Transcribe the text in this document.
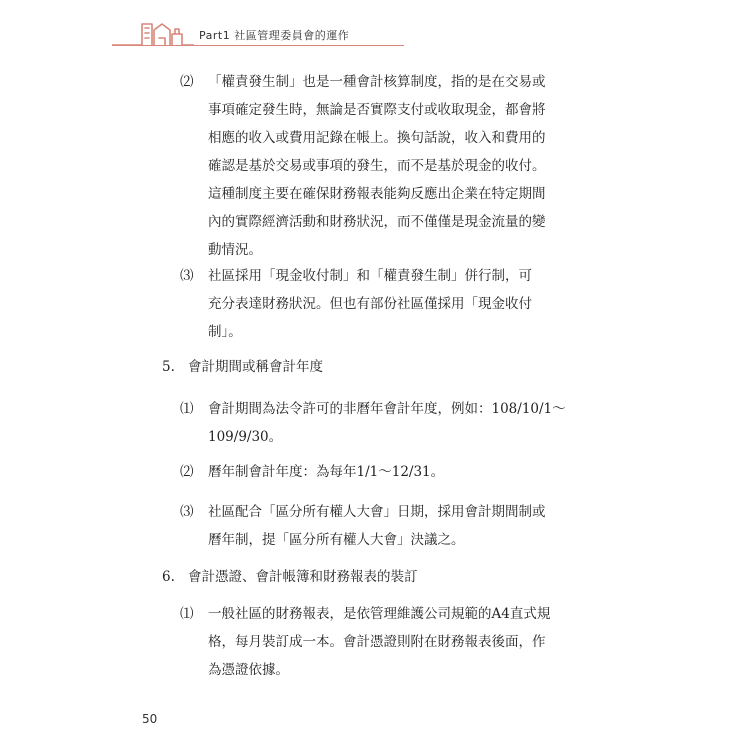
Part1 社區管理委員會的運作
⑵ 「權責發生制」也是一種會計核算制度，指的是在交易或
事項確定發生時，無論是否實際支付或收取現金，都會將
相應的收入或費用記錄在帳上。換句話說，收入和費用的
確認是基於交易或事項的發生，而不是基於現金的收付。
這種制度主要在確保財務報表能夠反應出企業在特定期間
內的實際經濟活動和財務狀況，而不僅僅是現金流量的變
動情況。
⑶ 社區採用「現金收付制」和「權責發生制」併行制，可
充分表達財務狀況。但也有部份社區僅採用「現金收付
制」。
5. 會計期間或稱會計年度
⑴ 會計期間為法令許可的非曆年會計年度，例如：108/10/1～
109/9/30。
⑵ 曆年制會計年度：為每年1/1～12/31。
⑶ 社區配合「區分所有權人大會」日期，採用會計期間制或
曆年制，提「區分所有權人大會」決議之。
6. 會計憑證、會計帳簿和財務報表的裝訂
⑴ 一般社區的財務報表，是依管理維護公司規範的A4直式規
格，每月裝訂成一本。會計憑證則附在財務報表後面，作
為憑證依據。
50
